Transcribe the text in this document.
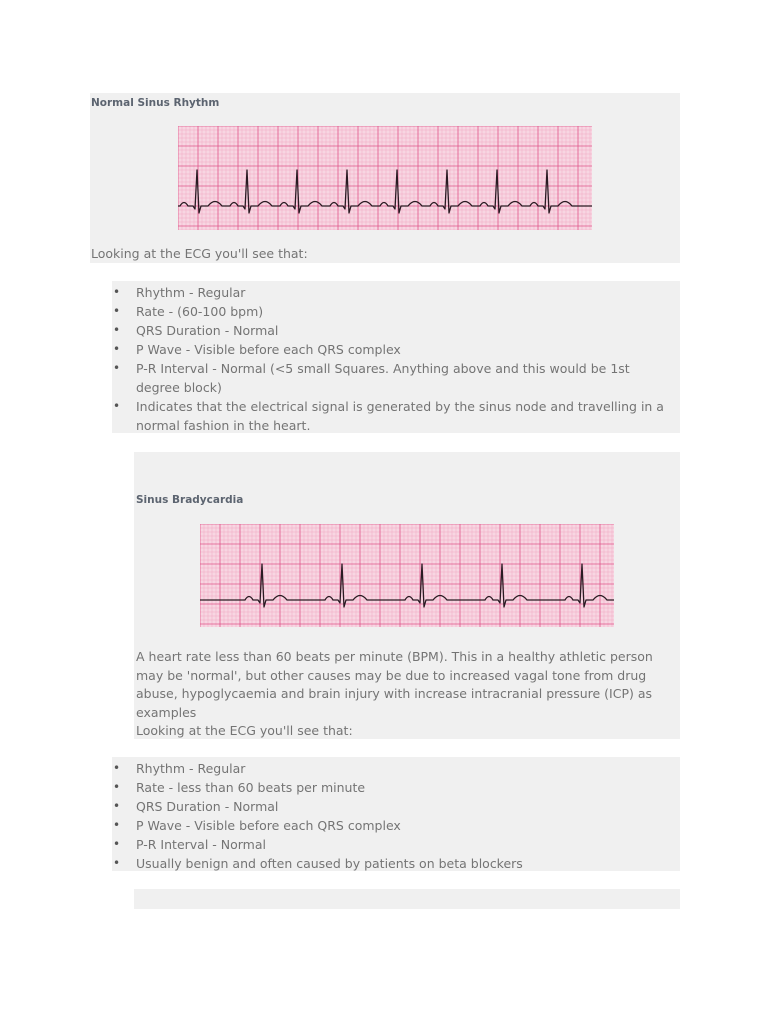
Normal Sinus Rhythm

Looking at the ECG you'll see that:

• Rhythm - Regular
• Rate - (60-100 bpm)
• QRS Duration - Normal
• P Wave - Visible before each QRS complex
• P-R Interval - Normal (<5 small Squares. Anything above and this would be 1st degree block)
• Indicates that the electrical signal is generated by the sinus node and travelling in a normal fashion in the heart.
Sinus Bradycardia

A heart rate less than 60 beats per minute (BPM). This in a healthy athletic person may be 'normal', but other causes may be due to increased vagal tone from drug abuse, hypoglycaemia and brain injury with increase intracranial pressure (ICP) as examples

Looking at the ECG you'll see that:

• Rhythm - Regular
• Rate - less than 60 beats per minute
• QRS Duration - Normal
• P Wave - Visible before each QRS complex
• P-R Interval - Normal
• Usually benign and often caused by patients on beta blockers
